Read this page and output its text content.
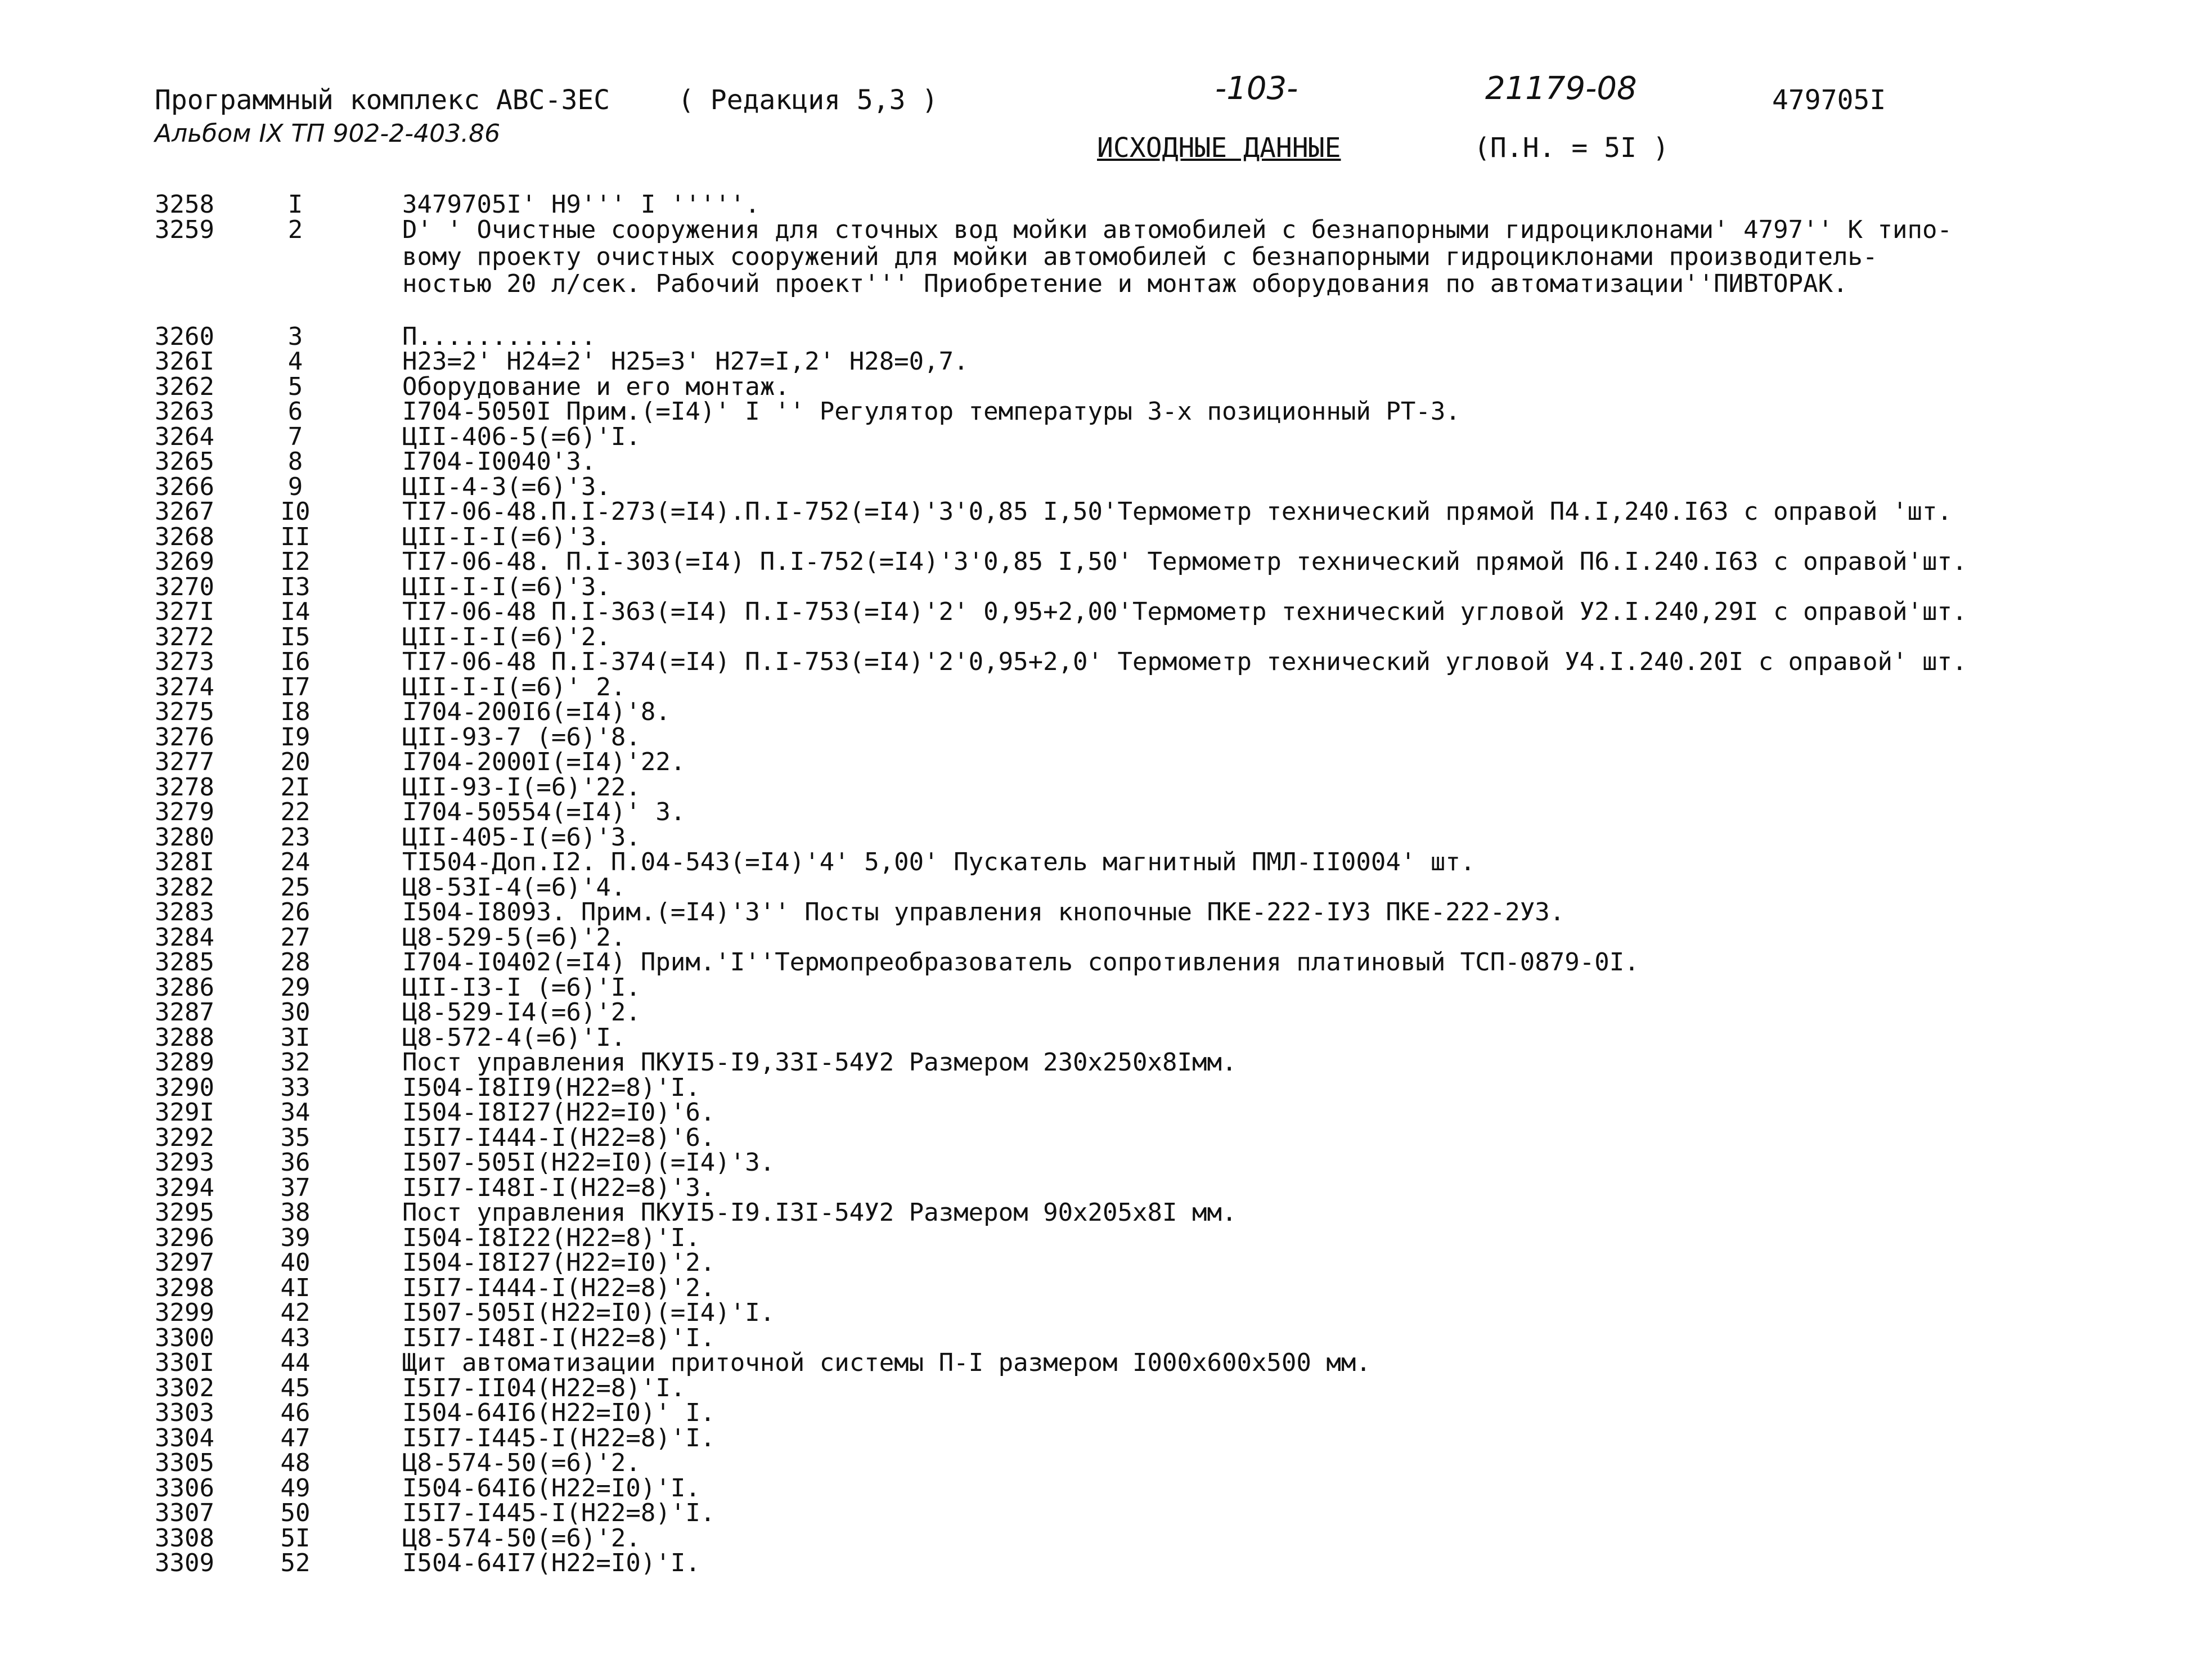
Программный комплекс АВС-3ЕС	( Редакция 5,3 )	-103-	21179-08	479705I
Альбом IX ТП 902-2-403.86	ИСХОДНЫЕ ДАННЫЕ	(П.Н. = 5I )
3258	I	3479705I' Н9''' I '''''.
3259	2	D' ' Очистные сооружения для сточных вод мойки автомобилей с безнапорными гидроциклонами' 4797'' К типо-
вому проекту очистных сооружений для мойки автомобилей с безнапорными гидроциклонами производитель-
ностью 20 л/сек. Рабочий проект''' Приобретение и монтаж оборудования по автоматизации''ПИВТОРАК.
3260	3	П............
326I	4	Н23=2' Н24=2' Н25=3' Н27=I,2' Н28=0,7.
3262	5	Оборудование и его монтаж.
3263	6	I704-5050I Прим.(=I4)' I '' Регулятор температуры 3-х позиционный РТ-3.
3264	7	ЦII-406-5(=6)'I.
3265	8	I704-I0040'3.
3266	9	ЦII-4-3(=6)'3.
3267	I0	ТI7-06-48.П.I-273(=I4).П.I-752(=I4)'3'0,85 I,50'Термометр технический прямой П4.I,240.I63 с оправой 'шт.
3268	II	ЦII-I-I(=6)'3.
3269	I2	ТI7-06-48. П.I-303(=I4) П.I-752(=I4)'3'0,85 I,50' Термометр технический прямой П6.I.240.I63 с оправой'шт.
3270	I3	ЦII-I-I(=6)'3.
327I	I4	ТI7-06-48 П.I-363(=I4) П.I-753(=I4)'2' 0,95+2,00'Термометр технический угловой У2.I.240,29I с оправой'шт.
3272	I5	ЦII-I-I(=6)'2.
3273	I6	ТI7-06-48 П.I-374(=I4) П.I-753(=I4)'2'0,95+2,0' Термометр технический угловой У4.I.240.20I с оправой' шт.
3274	I7	ЦII-I-I(=6)' 2.
3275	I8	I704-200I6(=I4)'8.
3276	I9	ЦII-93-7 (=6)'8.
3277	20	I704-2000I(=I4)'22.
3278	2I	ЦII-93-I(=6)'22.
3279	22	I704-50554(=I4)' 3.
3280	23	ЦII-405-I(=6)'3.
328I	24	ТI504-Доп.I2. П.04-543(=I4)'4' 5,00' Пускатель магнитный ПМЛ-II0004' шт.
3282	25	Ц8-53I-4(=6)'4.
3283	26	I504-I8093. Прим.(=I4)'3'' Посты управления кнопочные ПКЕ-222-IУ3 ПКЕ-222-2У3.
3284	27	Ц8-529-5(=6)'2.
3285	28	I704-I0402(=I4) Прим.'I''Термопреобразователь сопротивления платиновый ТСП-0879-0I.
3286	29	ЦII-I3-I (=6)'I.
3287	30	Ц8-529-I4(=6)'2.
3288	3I	Ц8-572-4(=6)'I.
3289	32	Пост управления ПКУI5-I9,33I-54У2 Размером 230х250х8Iмм.
3290	33	I504-I8II9(Н22=8)'I.
329I	34	I504-I8I27(Н22=I0)'6.
3292	35	I5I7-I444-I(Н22=8)'6.
3293	36	I507-505I(Н22=I0)(=I4)'3.
3294	37	I5I7-I48I-I(Н22=8)'3.
3295	38	Пост управления ПКУI5-I9.I3I-54У2 Размером 90х205х8I мм.
3296	39	I504-I8I22(Н22=8)'I.
3297	40	I504-I8I27(Н22=I0)'2.
3298	4I	I5I7-I444-I(Н22=8)'2.
3299	42	I507-505I(Н22=I0)(=I4)'I.
3300	43	I5I7-I48I-I(Н22=8)'I.
330I	44	Щит автоматизации приточной системы П-I размером I000х600х500 мм.
3302	45	I5I7-II04(Н22=8)'I.
3303	46	I504-64I6(Н22=I0)' I.
3304	47	I5I7-I445-I(Н22=8)'I.
3305	48	Ц8-574-50(=6)'2.
3306	49	I504-64I6(Н22=I0)'I.
3307	50	I5I7-I445-I(Н22=8)'I.
3308	5I	Ц8-574-50(=6)'2.
3309	52	I504-64I7(Н22=I0)'I.
